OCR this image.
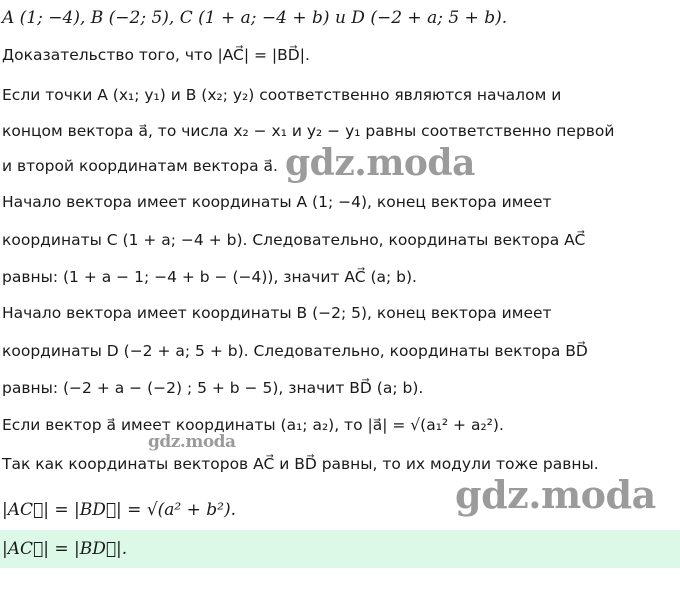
A (1; −4), B (−2; 5), C (1 + a; −4 + b) и D (−2 + a; 5 + b).
Доказательство того, что |AC⃗| = |BD⃗|.
Если точки A (x₁; y₁) и B (x₂; y₂) соответственно являются началом и
концом вектора a⃗, то числа x₂ − x₁ и y₂ − y₁ равны соответственно первой
и второй координатам вектора a⃗.
Начало вектора имеет координаты A (1; −4), конец вектора имеет
координаты C (1 + a; −4 + b). Следовательно, координаты вектора AC⃗
равны: (1 + a − 1; −4 + b − (−4)), значит AC⃗ (a; b).
Начало вектора имеет координаты B (−2; 5), конец вектора имеет
координаты D (−2 + a; 5 + b). Следовательно, координаты вектора BD⃗
равны: (−2 + a − (−2) ; 5 + b − 5), значит BD⃗ (a; b).
Если вектор a⃗ имеет координаты (a₁; a₂), то |a⃗| = √(a₁² + a₂²).
Так как координаты векторов AC⃗ и BD⃗ равны, то их модули тоже равны.
|AC⃗| = |BD⃗| = √(a² + b²).
|AC⃗| = |BD⃗|.
gdz.moda
gdz.moda
gdz.moda
